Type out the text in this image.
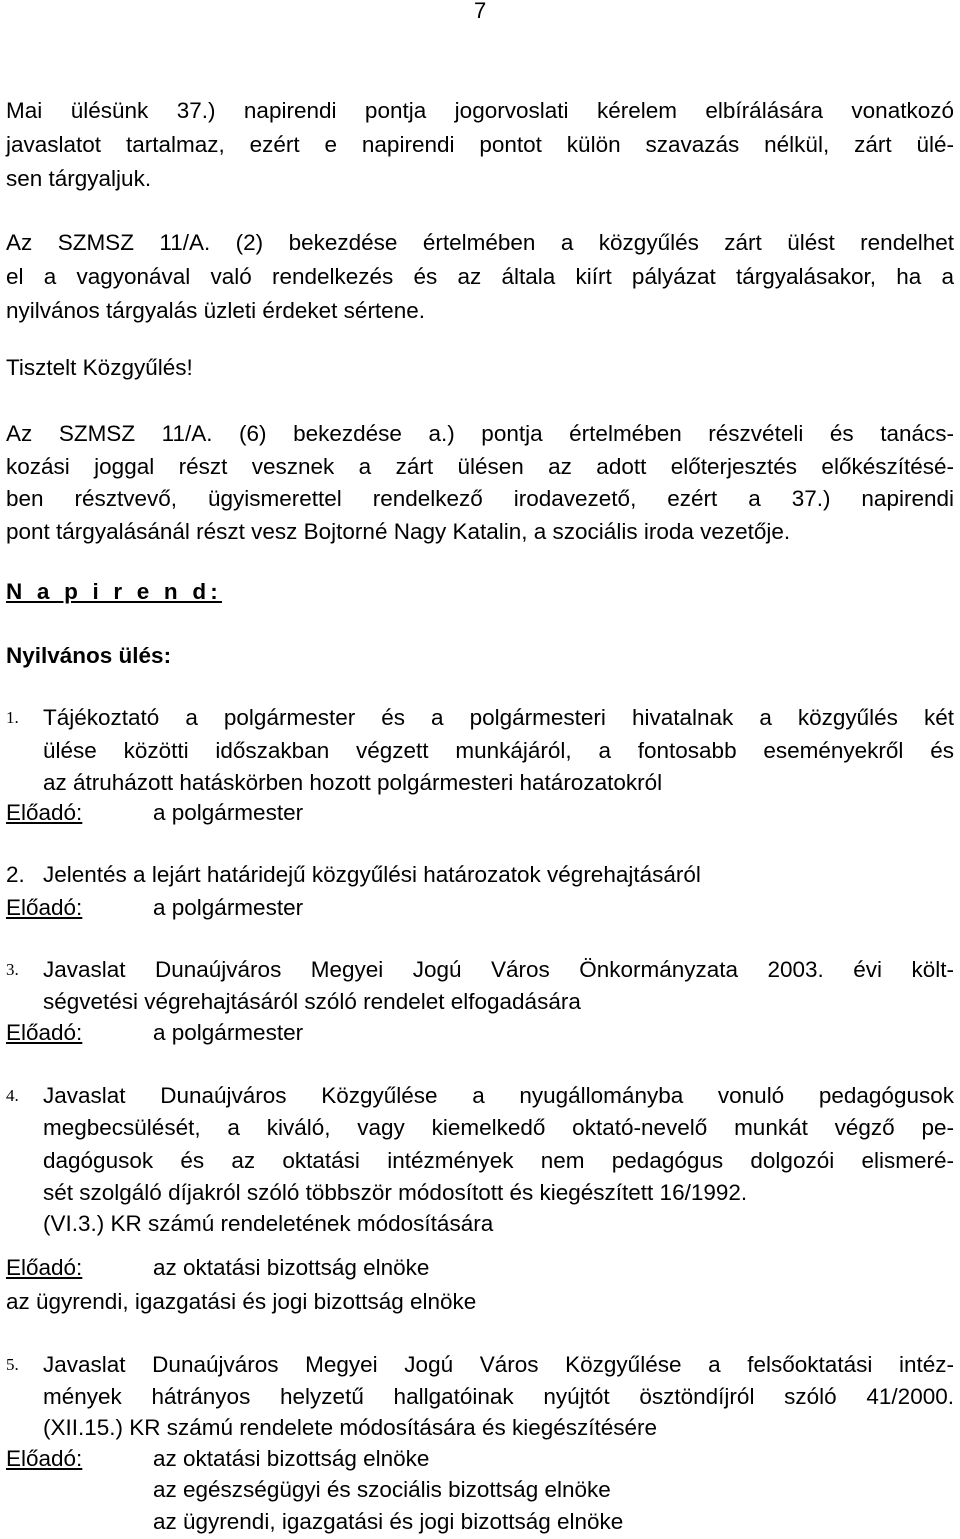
7
Mai ülésünk 37.) napirendi pontja jogorvoslati kérelem elbírálására vonatkozó
javaslatot tartalmaz, ezért e napirendi pontot külön szavazás nélkül, zárt ülé-
sen tárgyaljuk.
Az SZMSZ 11/A. (2) bekezdése értelmében a közgyűlés zárt ülést rendelhet
el a vagyonával való rendelkezés és az általa kiírt pályázat tárgyalásakor, ha a
nyilvános tárgyalás üzleti érdeket sértene.
Tisztelt Közgyűlés!
Az SZMSZ 11/A. (6) bekezdése a.) pontja értelmében részvételi és tanács-
kozási joggal részt vesznek a zárt ülésen az adott előterjesztés előkészítésé-
ben résztvevő, ügyismerettel rendelkező irodavezető, ezért a 37.) napirendi
pont tárgyalásánál részt vesz Bojtorné Nagy Katalin, a szociális iroda vezetője.
N a p i r e n d:
Nyilvános ülés:
1. Tájékoztató a polgármester és a polgármesteri hivatalnak a közgyűlés két
ülése közötti időszakban végzett munkájáról, a fontosabb eseményekről és
az átruházott hatáskörben hozott polgármesteri határozatokról
Előadó:	a polgármester
2. Jelentés a lejárt határidejű közgyűlési határozatok végrehajtásáról
Előadó:	a polgármester
3. Javaslat Dunaújváros Megyei Jogú Város Önkormányzata 2003. évi költ-
ségvetési végrehajtásáról szóló rendelet elfogadására
Előadó:	a polgármester
4. Javaslat Dunaújváros Közgyűlése a nyugállományba vonuló pedagógusok
megbecsülését, a kiváló, vagy kiemelkedő oktató-nevelő munkát végző pe-
dagógusok és az oktatási intézmények nem pedagógus dolgozói elismeré-
sét szolgáló díjakról szóló többször módosított és kiegészített 16/1992.
(VI.3.) KR számú rendeletének módosítására
Előadó:	az oktatási bizottság elnöke
az ügyrendi, igazgatási és jogi bizottság elnöke
5. Javaslat Dunaújváros Megyei Jogú Város Közgyűlése a felsőoktatási intéz-
mények hátrányos helyzetű hallgatóinak nyújtót ösztöndíjról szóló 41/2000.
(XII.15.) KR számú rendelete módosítására és kiegészítésére
Előadó:	az oktatási bizottság elnöke
az egészségügyi és szociális bizottság elnöke
az ügyrendi, igazgatási és jogi bizottság elnöke
